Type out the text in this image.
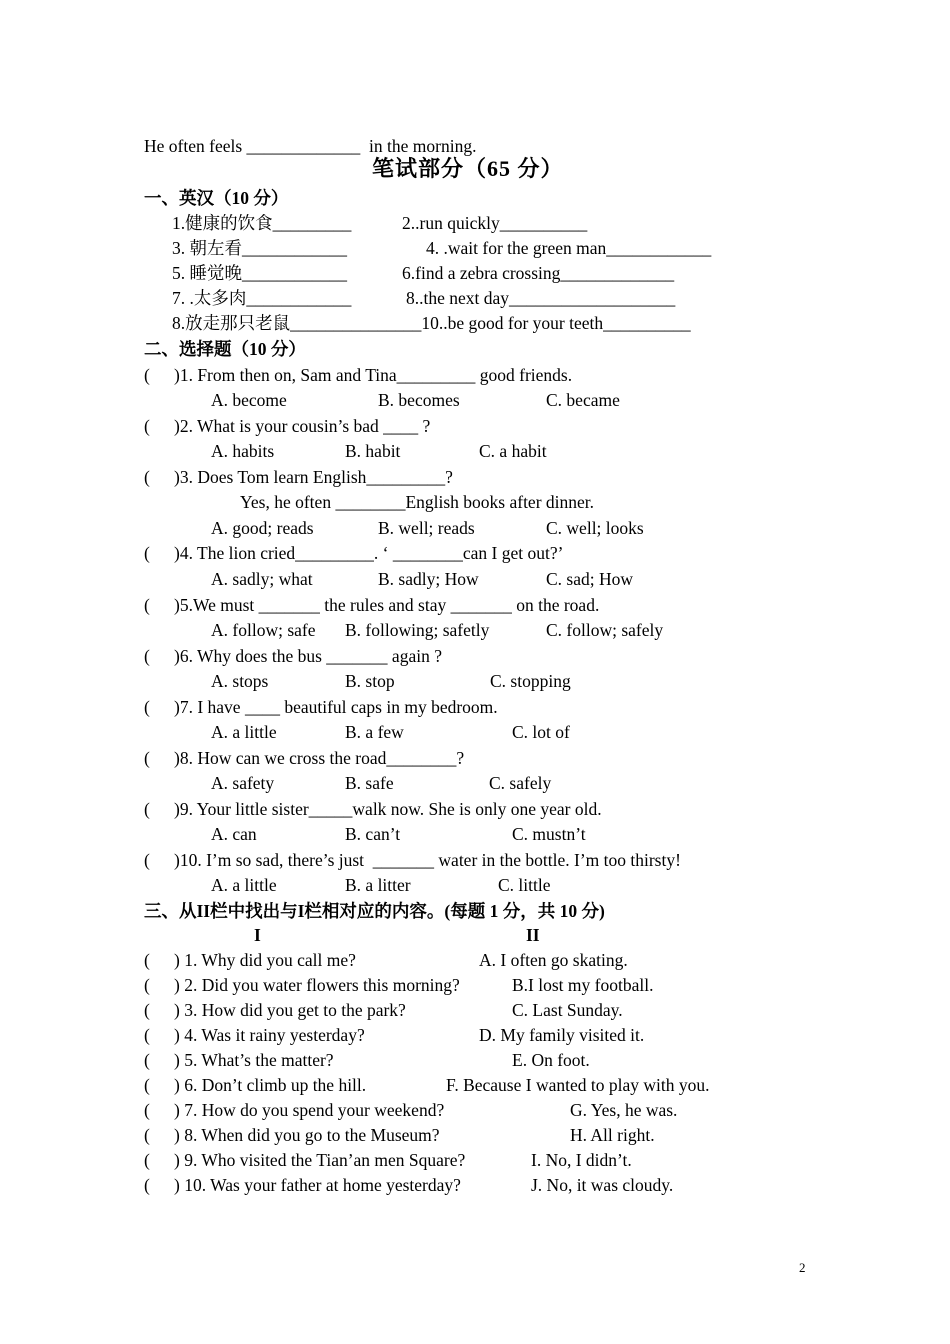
He often feels _____________  in the morning.
笔试部分（65 分）
一、英汉（10 分）
1.健康的饮食_________	2..run quickly__________
3. 朝左看____________	4. .wait for the green man____________
5. 睡觉晚____________	6.find a zebra crossing_____________
7. .太多肉____________	8..the next day___________________
8.放走那只老鼠_______________10..be good for your teeth__________
二、选择题（10 分）
( )1. From then on, Sam and Tina_________ good friends.
A. become	B. becomes	C. became
( )2. What is your cousin’s bad ____ ?
A. habits	B. habit	C. a habit
( )3. Does Tom learn English_________?
Yes, he often ________English books after dinner.
A. good; reads	B. well; reads	C. well; looks
( )4. The lion cried_________. ‘ ________can I get out?’
A. sadly; what	B. sadly; How	C. sad; How
( )5.We must _______ the rules and stay _______ on the road.
A. follow; safe B. following; safetly	C. follow; safely
( )6. Why does the bus _______ again ?
A. stops	B. stop	C. stopping
( )7. I have ____ beautiful caps in my bedroom.
A. a little	B. a few	C. lot of
( )8. How can we cross the road________?
A. safety	B. safe	C. safely
( )9. Your little sister_____walk now. She is only one year old.
A. can	B. can’t	C. mustn’t
( )10. I’m so sad, there’s just  _______ water in the bottle. I’m too thirsty!
A. a little	B. a litter	C. little
三、从II栏中找出与I栏相对应的内容。(每题 1 分，共 10 分)
I	II
( ) 1. Why did you call me?	A. I often go skating.
( ) 2. Did you water flowers this morning?	B.I lost my football.
( ) 3. How did you get to the park?	C. Last Sunday.
( ) 4. Was it rainy yesterday?	D. My family visited it.
( ) 5. What’s the matter?	E. On foot.
( ) 6. Don’t climb up the hill.	F. Because I wanted to play with you.
( ) 7. How do you spend your weekend?	G. Yes, he was.
( ) 8. When did you go to the Museum?	H. All right.
( ) 9. Who visited the Tian’an men Square?	I. No, I didn’t.
( ) 10. Was your father at home yesterday?	J. No, it was cloudy.
2
